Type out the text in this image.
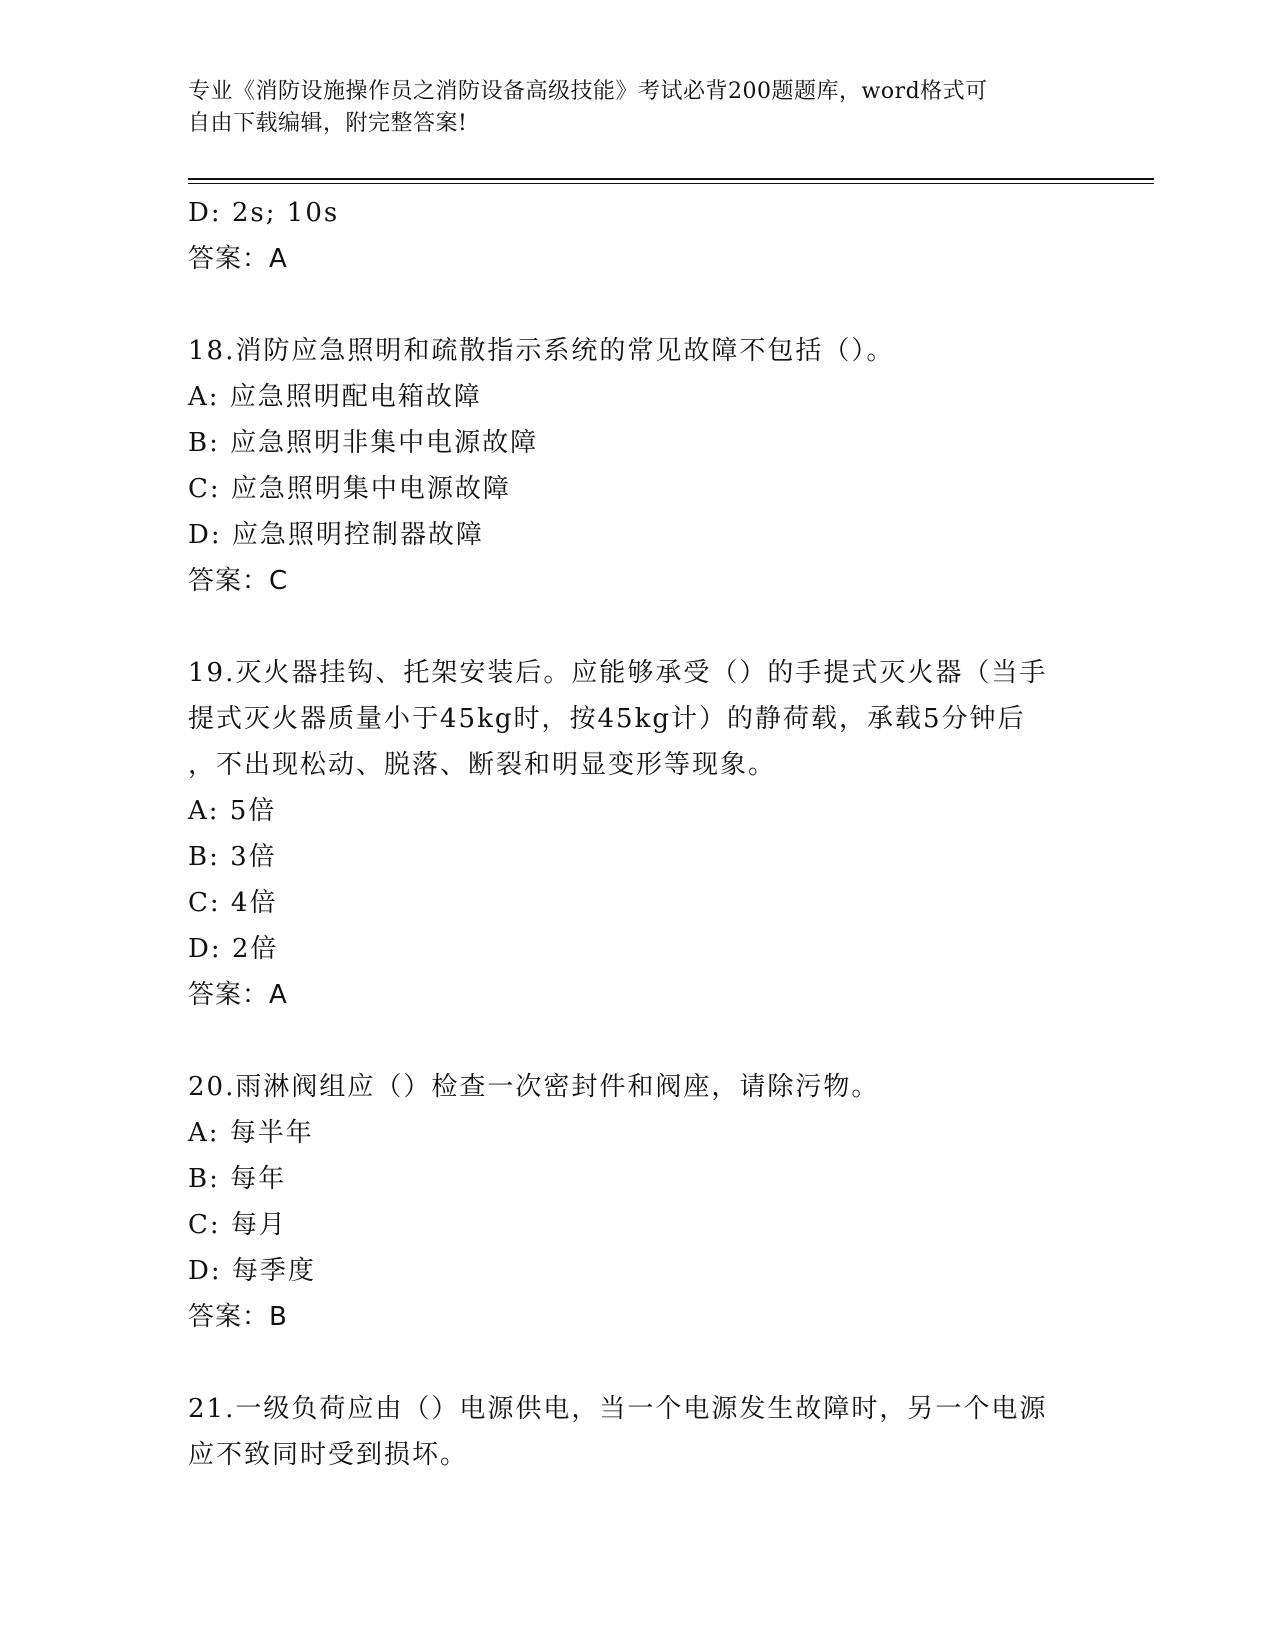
专业《消防设施操作员之消防设备高级技能》考试必背200题题库，word格式可
自由下载编辑，附完整答案!
D: 2s; 10s
答案：A
18.消防应急照明和疏散指示系统的常见故障不包括（）。
A: 应急照明配电箱故障
B: 应急照明非集中电源故障
C: 应急照明集中电源故障
D: 应急照明控制器故障
答案：C
19.灭火器挂钩、托架安装后。应能够承受（）的手提式灭火器（当手
提式灭火器质量小于45kg时，按45kg计）的静荷载，承载5分钟后
，不出现松动、脱落、断裂和明显变形等现象。
A: 5倍
B: 3倍
C: 4倍
D: 2倍
答案：A
20.雨淋阀组应（）检查一次密封件和阀座，请除污物。
A: 每半年
B: 每年
C: 每月
D: 每季度
答案：B
21.一级负荷应由（）电源供电，当一个电源发生故障时，另一个电源
应不致同时受到损坏。
